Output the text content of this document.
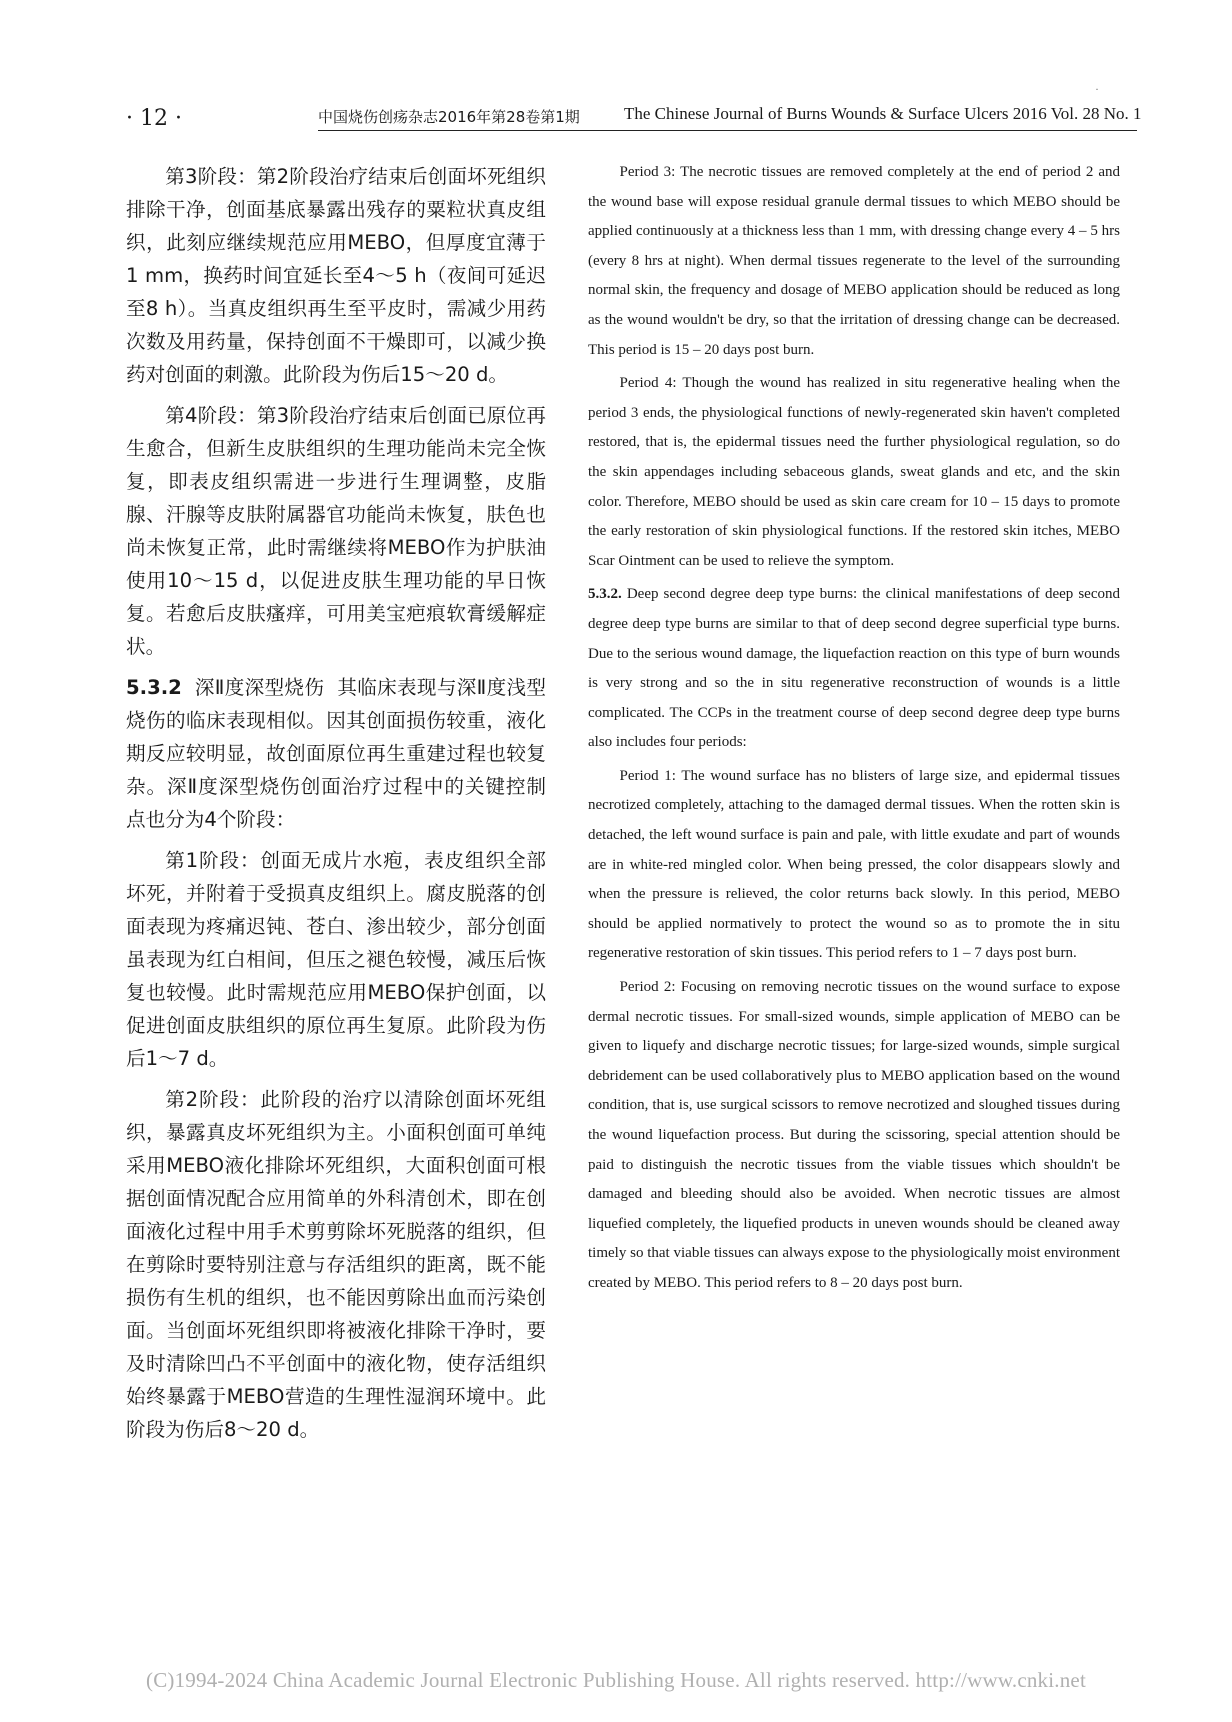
·
· 12 ·	中国烧伤创疡杂志2016年第28卷第1期	The Chinese Journal of Burns Wounds & Surface Ulcers 2016 Vol. 28 No. 1

第3阶段：第2阶段治疗结束后创面坏死组织排除干净，创面基底暴露出残存的粟粒状真皮组织，此刻应继续规范应用MEBO，但厚度宜薄于1 mm，换药时间宜延长至4～5 h（夜间可延迟至8 h）。当真皮组织再生至平皮时，需减少用药次数及用药量，保持创面不干燥即可，以减少换药对创面的刺激。此阶段为伤后15～20 d。

第4阶段：第3阶段治疗结束后创面已原位再生愈合，但新生皮肤组织的生理功能尚未完全恢复，即表皮组织需进一步进行生理调整，皮脂腺、汗腺等皮肤附属器官功能尚未恢复，肤色也尚未恢复正常，此时需继续将MEBO作为护肤油使用10～15 d，以促进皮肤生理功能的早日恢复。若愈后皮肤瘙痒，可用美宝疤痕软膏缓解症状。

5.3.2 深Ⅱ度深型烧伤 其临床表现与深Ⅱ度浅型烧伤的临床表现相似。因其创面损伤较重，液化期反应较明显，故创面原位再生重建过程也较复杂。深Ⅱ度深型烧伤创面治疗过程中的关键控制点也分为4个阶段：

第1阶段：创面无成片水疱，表皮组织全部坏死，并附着于受损真皮组织上。腐皮脱落的创面表现为疼痛迟钝、苍白、渗出较少，部分创面虽表现为红白相间，但压之褪色较慢，减压后恢复也较慢。此时需规范应用MEBO保护创面，以促进创面皮肤组织的原位再生复原。此阶段为伤后1～7 d。

第2阶段：此阶段的治疗以清除创面坏死组织，暴露真皮坏死组织为主。小面积创面可单纯采用MEBO液化排除坏死组织，大面积创面可根据创面情况配合应用简单的外科清创术，即在创面液化过程中用手术剪剪除坏死脱落的组织，但在剪除时要特别注意与存活组织的距离，既不能损伤有生机的组织，也不能因剪除出血而污染创面。当创面坏死组织即将被液化排除干净时，要及时清除凹凸不平创面中的液化物，使存活组织始终暴露于MEBO营造的生理性湿润环境中。此阶段为伤后8～20 d。

Period 3: The necrotic tissues are removed completely at the end of period 2 and the wound base will expose residual granule dermal tissues to which MEBO should be applied continuously at a thickness less than 1 mm, with dressing change every 4 – 5 hrs (every 8 hrs at night). When dermal tissues regenerate to the level of the surrounding normal skin, the frequency and dosage of MEBO application should be reduced as long as the wound wouldn't be dry, so that the irritation of dressing change can be decreased. This period is 15 – 20 days post burn.

Period 4: Though the wound has realized in situ regenerative healing when the period 3 ends, the physiological functions of newly-regenerated skin haven't completed restored, that is, the epidermal tissues need the further physiological regulation, so do the skin appendages including sebaceous glands, sweat glands and etc, and the skin color. Therefore, MEBO should be used as skin care cream for 10 – 15 days to promote the early restoration of skin physiological functions. If the restored skin itches, MEBO Scar Ointment can be used to relieve the symptom.

5.3.2. Deep second degree deep type burns: the clinical manifestations of deep second degree deep type burns are similar to that of deep second degree superficial type burns. Due to the serious wound damage, the liquefaction reaction on this type of burn wounds is very strong and so the in situ regenerative reconstruction of wounds is a little complicated. The CCPs in the treatment course of deep second degree deep type burns also includes four periods:

Period 1: The wound surface has no blisters of large size, and epidermal tissues necrotized completely, attaching to the damaged dermal tissues. When the rotten skin is detached, the left wound surface is pain and pale, with little exudate and part of wounds are in white-red mingled color. When being pressed, the color disappears slowly and when the pressure is relieved, the color returns back slowly. In this period, MEBO should be applied normatively to protect the wound so as to promote the in situ regenerative restoration of skin tissues. This period refers to 1 – 7 days post burn.

Period 2: Focusing on removing necrotic tissues on the wound surface to expose dermal necrotic tissues. For small-sized wounds, simple application of MEBO can be given to liquefy and discharge necrotic tissues; for large-sized wounds, simple surgical debridement can be used collaboratively plus to MEBO application based on the wound condition, that is, use surgical scissors to remove necrotized and sloughed tissues during the wound liquefaction process. But during the scissoring, special attention should be paid to distinguish the necrotic tissues from the viable tissues which shouldn't be damaged and bleeding should also be avoided. When necrotic tissues are almost liquefied completely, the liquefied products in uneven wounds should be cleaned away timely so that viable tissues can always expose to the physiologically moist environment created by MEBO. This period refers to 8 – 20 days post burn.

(C)1994-2024 China Academic Journal Electronic Publishing House. All rights reserved. http://www.cnki.net
